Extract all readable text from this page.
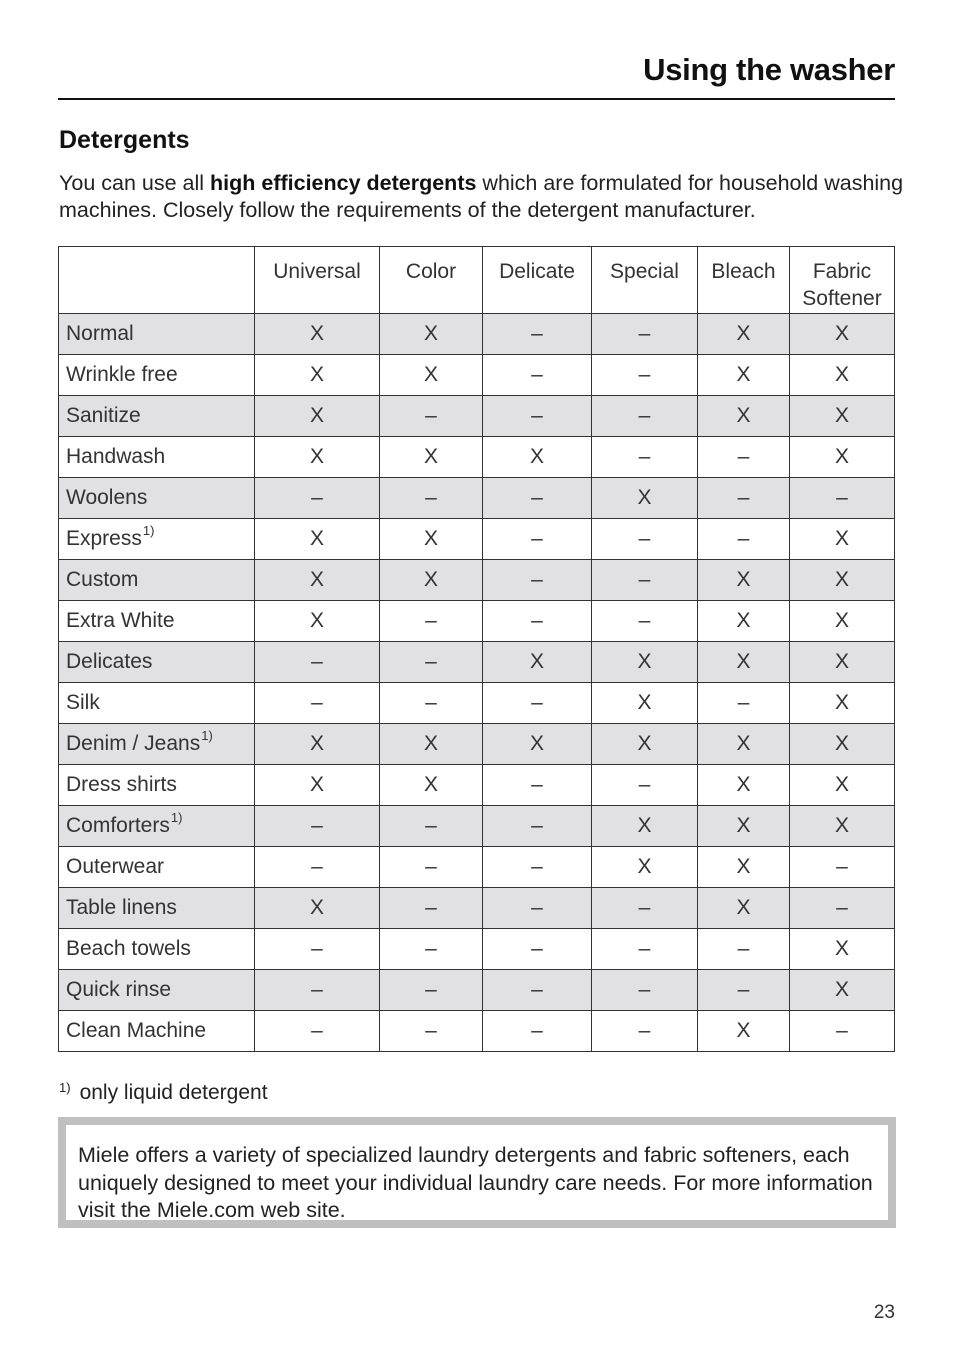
Using the washer
Detergents

You can use all high efficiency detergents which are formulated for household washing machines. Closely follow the requirements of the detergent manufacturer.

	Universal	Color	Delicate	Special	Bleach	Fabric Softener
Normal	X	X	–	–	X	X
Wrinkle free	X	X	–	–	X	X
Sanitize	X	–	–	–	X	X
Handwash	X	X	X	–	–	X
Woolens	–	–	–	X	–	–
Express$^{1)}$	X	X	–	–	–	X
Custom	X	X	–	–	X	X
Extra White	X	–	–	–	X	X
Delicates	–	–	X	X	X	X
Silk	–	–	–	X	–	X
Denim / Jeans$^{1)}$	X	X	X	X	X	X
Dress shirts	X	X	–	–	X	X
Comforters$^{1)}$	–	–	–	X	X	X
Outerwear	–	–	–	X	X	–
Table linens	X	–	–	–	X	–
Beach towels	–	–	–	–	–	X
Quick rinse	–	–	–	–	–	X
Clean Machine	–	–	–	–	X	–
$^{1)}$ only liquid detergent
Miele offers a variety of specialized laundry detergents and fabric softeners, each uniquely designed to meet your individual laundry care needs. For more information visit the Miele.com web site.
23
